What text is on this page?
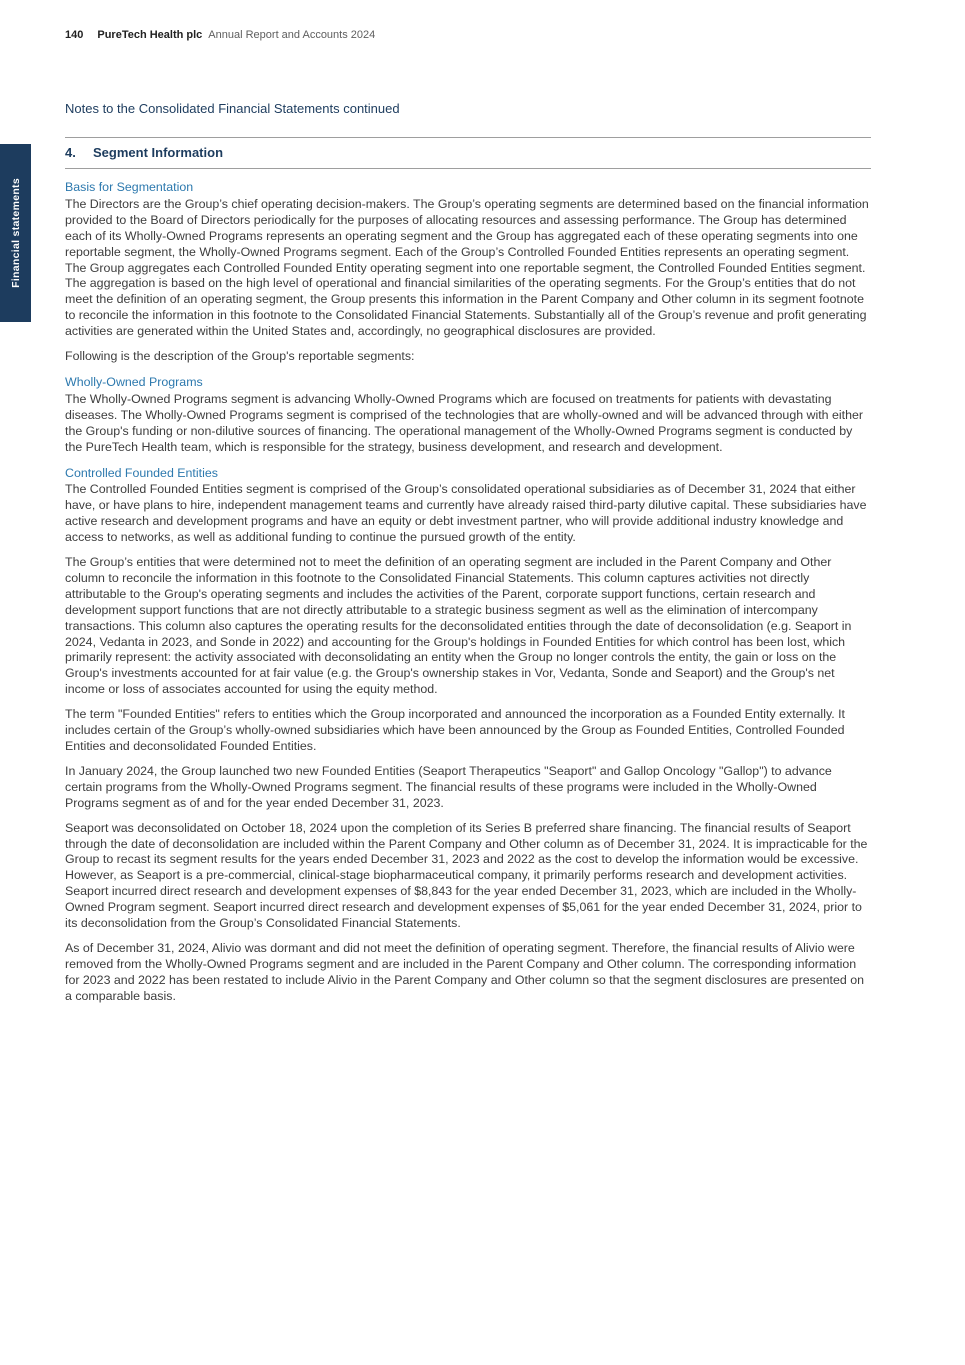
140 PureTech Health plc Annual Report and Accounts 2024
Financial statements
Notes to the Consolidated Financial Statements continued
4. Segment Information
Basis for Segmentation

The Directors are the Group’s chief operating decision-makers. The Group’s operating segments are determined based on the financial information provided to the Board of Directors periodically for the purposes of allocating resources and assessing performance. The Group has determined each of its Wholly-Owned Programs represents an operating segment and the Group has aggregated each of these operating segments into one reportable segment, the Wholly-Owned Programs segment. Each of the Group’s Controlled Founded Entities represents an operating segment. The Group aggregates each Controlled Founded Entity operating segment into one reportable segment, the Controlled Founded Entities segment. The aggregation is based on the high level of operational and financial similarities of the operating segments. For the Group’s entities that do not meet the definition of an operating segment, the Group presents this information in the Parent Company and Other column in its segment footnote to reconcile the information in this footnote to the Consolidated Financial Statements. Substantially all of the Group’s revenue and profit generating activities are generated within the United States and, accordingly, no geographical disclosures are provided.

Following is the description of the Group's reportable segments:

Wholly-Owned Programs

The Wholly-Owned Programs segment is advancing Wholly-Owned Programs which are focused on treatments for patients with devastating diseases. The Wholly-Owned Programs segment is comprised of the technologies that are wholly-owned and will be advanced through with either the Group's funding or non-dilutive sources of financing. The operational management of the Wholly-Owned Programs segment is conducted by the PureTech Health team, which is responsible for the strategy, business development, and research and development.

Controlled Founded Entities

The Controlled Founded Entities segment is comprised of the Group’s consolidated operational subsidiaries as of December 31, 2024 that either have, or have plans to hire, independent management teams and currently have already raised third-party dilutive capital. These subsidiaries have active research and development programs and have an equity or debt investment partner, who will provide additional industry knowledge and access to networks, as well as additional funding to continue the pursued growth of the entity.

The Group’s entities that were determined not to meet the definition of an operating segment are included in the Parent Company and Other column to reconcile the information in this footnote to the Consolidated Financial Statements. This column captures activities not directly attributable to the Group's operating segments and includes the activities of the Parent, corporate support functions, certain research and development support functions that are not directly attributable to a strategic business segment as well as the elimination of intercompany transactions. This column also captures the operating results for the deconsolidated entities through the date of deconsolidation (e.g. Seaport in 2024, Vedanta in 2023, and Sonde in 2022) and accounting for the Group's holdings in Founded Entities for which control has been lost, which primarily represent: the activity associated with deconsolidating an entity when the Group no longer controls the entity, the gain or loss on the Group's investments accounted for at fair value (e.g. the Group's ownership stakes in Vor, Vedanta, Sonde and Seaport) and the Group's net income or loss of associates accounted for using the equity method.

The term "Founded Entities" refers to entities which the Group incorporated and announced the incorporation as a Founded Entity externally. It includes certain of the Group’s wholly-owned subsidiaries which have been announced by the Group as Founded Entities, Controlled Founded Entities and deconsolidated Founded Entities.

In January 2024, the Group launched two new Founded Entities (Seaport Therapeutics "Seaport" and Gallop Oncology "Gallop") to advance certain programs from the Wholly-Owned Programs segment. The financial results of these programs were included in the Wholly-Owned Programs segment as of and for the year ended December 31, 2023.

Seaport was deconsolidated on October 18, 2024 upon the completion of its Series B preferred share financing. The financial results of Seaport through the date of deconsolidation are included within the Parent Company and Other column as of December 31, 2024. It is impracticable for the Group to recast its segment results for the years ended December 31, 2023 and 2022 as the cost to develop the information would be excessive. However, as Seaport is a pre-commercial, clinical-stage biopharmaceutical company, it primarily performs research and development activities. Seaport incurred direct research and development expenses of $8,843 for the year ended December 31, 2023, which are included in the Wholly-Owned Program segment. Seaport incurred direct research and development expenses of $5,061 for the year ended December 31, 2024, prior to its deconsolidation from the Group’s Consolidated Financial Statements.

As of December 31, 2024, Alivio was dormant and did not meet the definition of operating segment. Therefore, the financial results of Alivio were removed from the Wholly-Owned Programs segment and are included in the Parent Company and Other column. The corresponding information for 2023 and 2022 has been restated to include Alivio in the Parent Company and Other column so that the segment disclosures are presented on a comparable basis.
